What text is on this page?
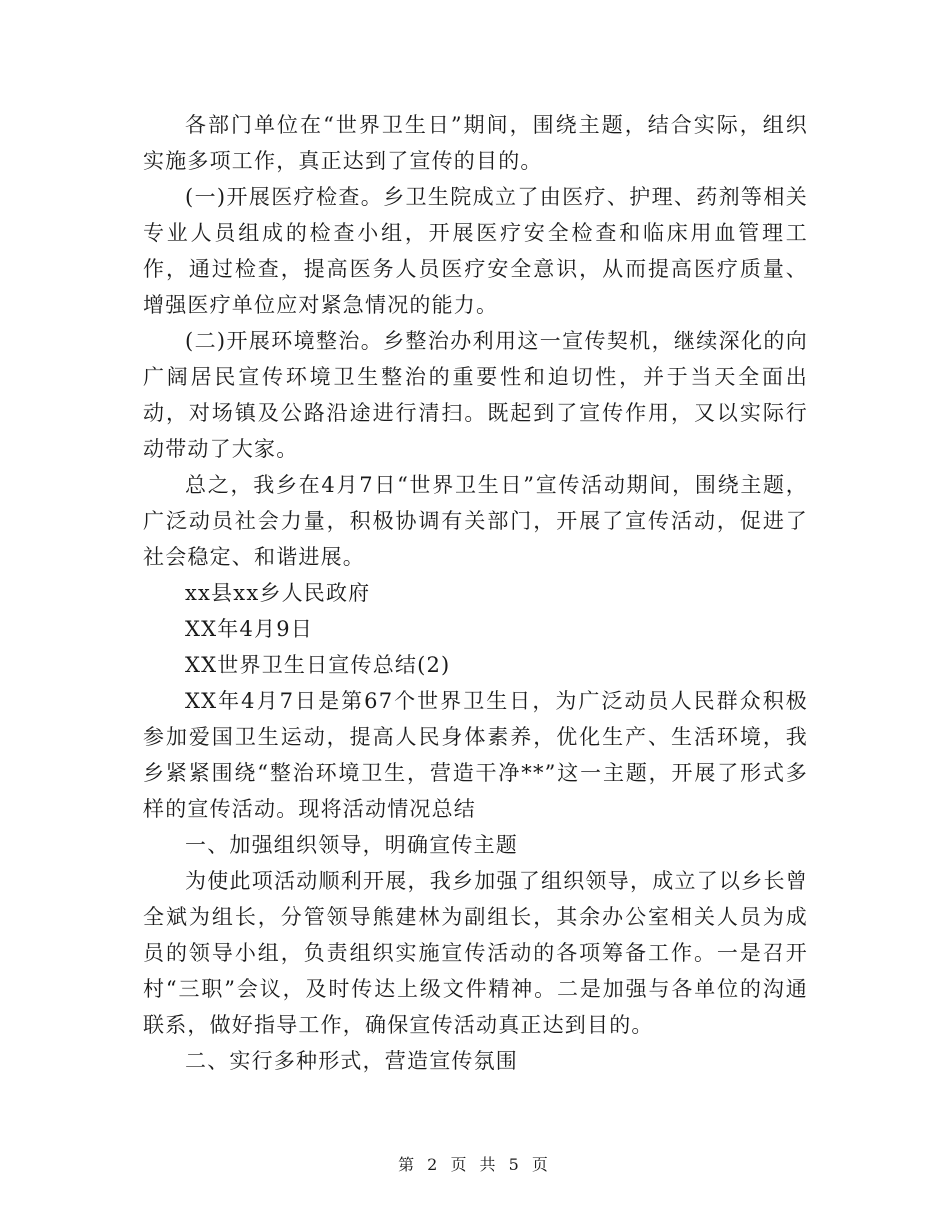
各部门单位在“世界卫生日”期间，围绕主题，结合实际，组织实施多项工作，真正达到了宣传的目的。

(一)开展医疗检查。乡卫生院成立了由医疗、护理、药剂等相关专业人员组成的检查小组，开展医疗安全检查和临床用血管理工作，通过检查，提高医务人员医疗安全意识，从而提高医疗质量、增强医疗单位应对紧急情况的能力。

(二)开展环境整治。乡整治办利用这一宣传契机，继续深化的向广阔居民宣传环境卫生整治的重要性和迫切性，并于当天全面出动，对场镇及公路沿途进行清扫。既起到了宣传作用，又以实际行动带动了大家。

总之，我乡在4月7日“世界卫生日”宣传活动期间，围绕主题，广泛动员社会力量，积极协调有关部门，开展了宣传活动，促进了社会稳定、和谐进展。

xx县xx乡人民政府

XX年4月9日

XX世界卫生日宣传总结(2)

XX年4月7日是第67个世界卫生日，为广泛动员人民群众积极参加爱国卫生运动，提高人民身体素养，优化生产、生活环境，我乡紧紧围绕“整治环境卫生，营造干净**”这一主题，开展了形式多样的宣传活动。现将活动情况总结

一、加强组织领导，明确宣传主题

为使此项活动顺利开展，我乡加强了组织领导，成立了以乡长曾全斌为组长，分管领导熊建林为副组长，其余办公室相关人员为成员的领导小组，负责组织实施宣传活动的各项筹备工作。一是召开村“三职”会议，及时传达上级文件精神。二是加强与各单位的沟通联系，做好指导工作，确保宣传活动真正达到目的。

二、实行多种形式，营造宣传氛围

第 2 页 共 5 页
